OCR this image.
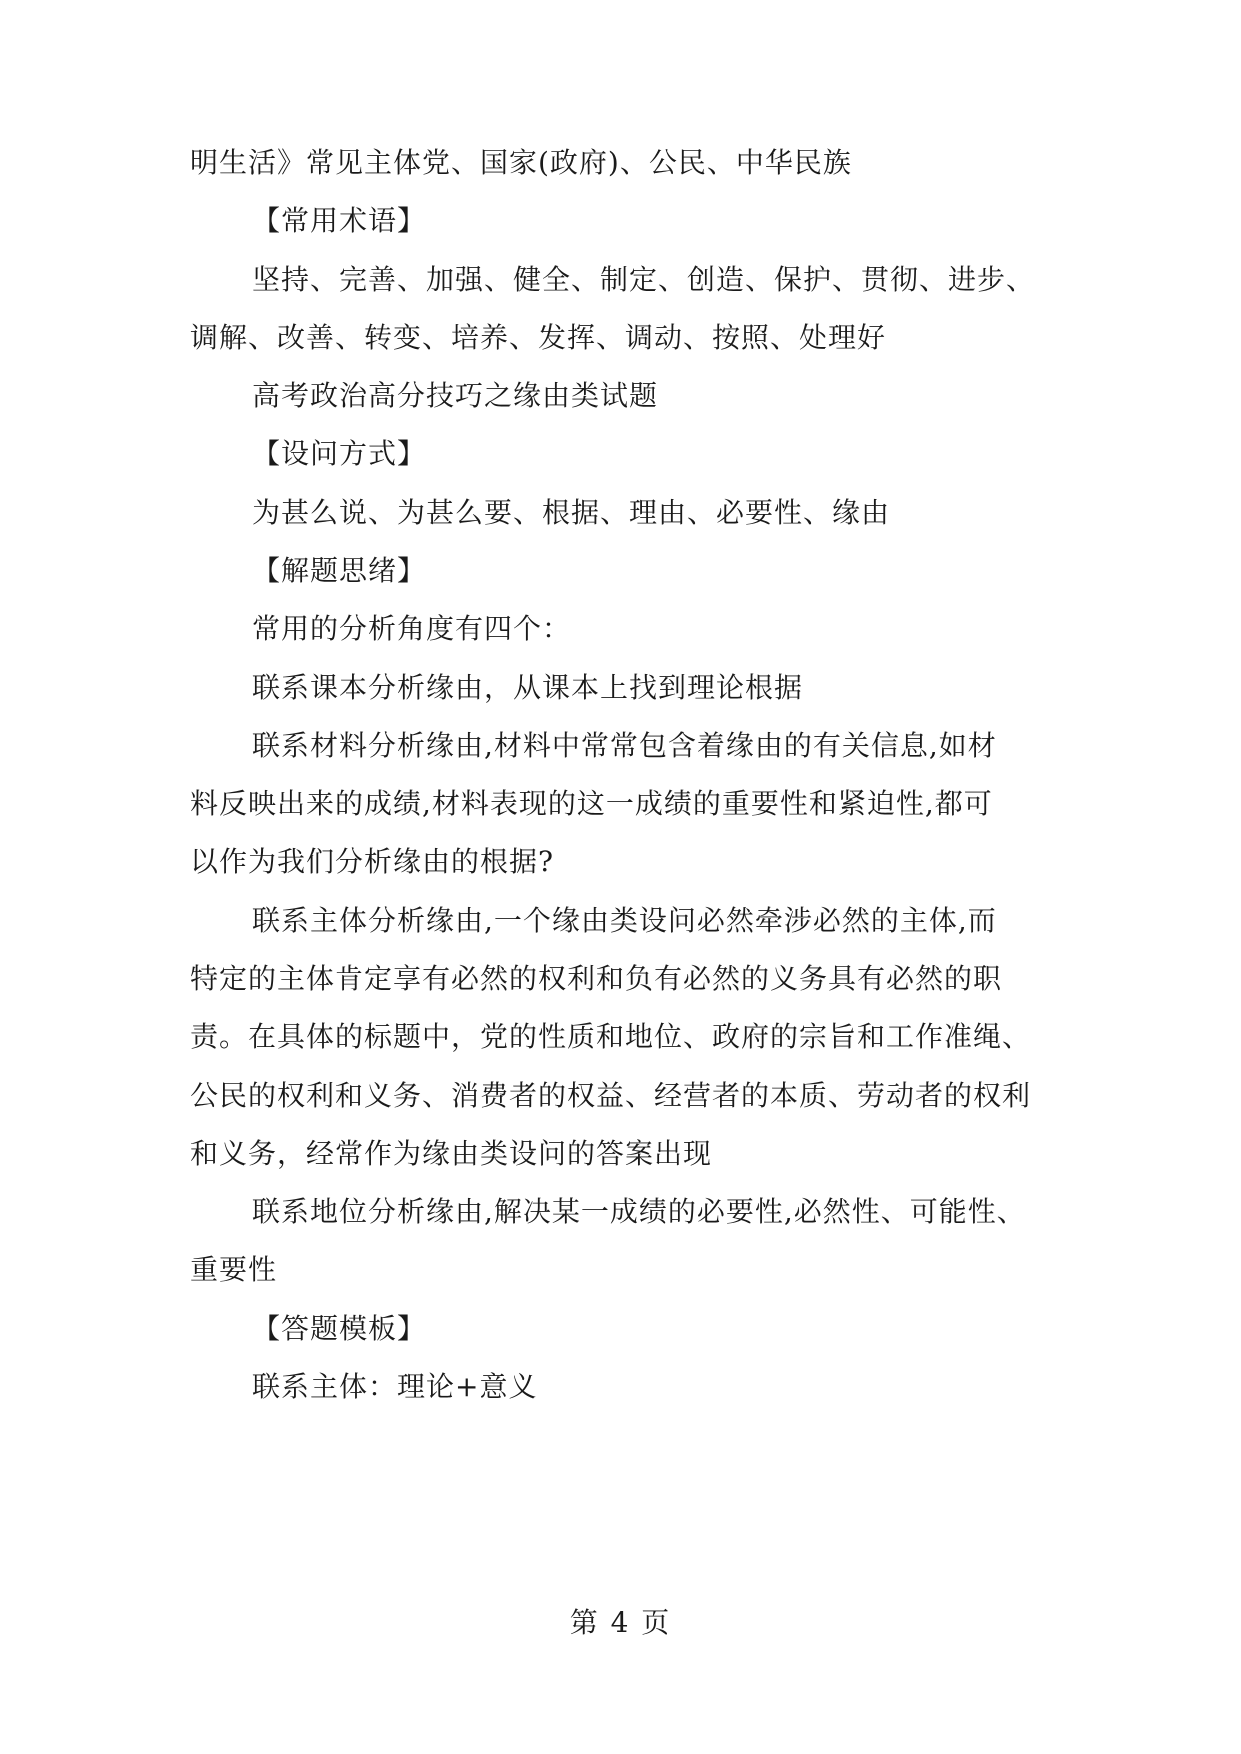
明生活》常见主体党、国家(政府)、公民、中华民族
【常用术语】
坚持、完善、加强、健全、制定、创造、保护、贯彻、进步、
调解、改善、转变、培养、发挥、调动、按照、处理好
高考政治高分技巧之缘由类试题
【设问方式】
为甚么说、为甚么要、根据、理由、必要性、缘由
【解题思绪】
常用的分析角度有四个：
联系课本分析缘由，从课本上找到理论根据
联系材料分析缘由,材料中常常包含着缘由的有关信息,如材
料反映出来的成绩,材料表现的这一成绩的重要性和紧迫性,都可
以作为我们分析缘由的根据?
联系主体分析缘由,一个缘由类设问必然牵涉必然的主体,而
特定的主体肯定享有必然的权利和负有必然的义务具有必然的职
责。在具体的标题中，党的性质和地位、政府的宗旨和工作准绳、
公民的权利和义务、消费者的权益、经营者的本质、劳动者的权利
和义务，经常作为缘由类设问的答案出现
联系地位分析缘由,解决某一成绩的必要性,必然性、可能性、
重要性
【答题模板】
联系主体：理论+意义
第 4 页
